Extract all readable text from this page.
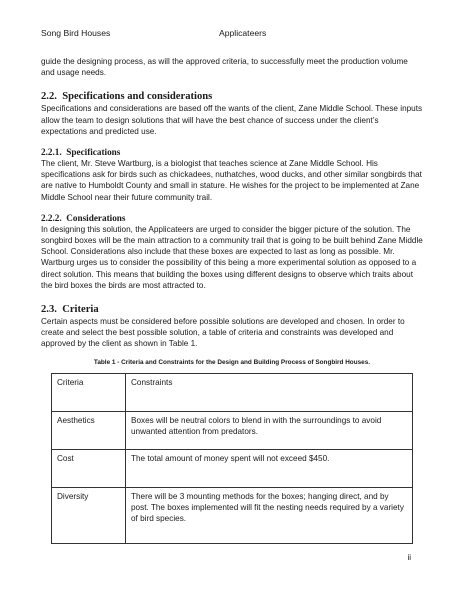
Song Bird Houses	Applicateers

guide the designing process, as will the approved criteria, to successfully meet the production volume and usage needs.

2.2.  Specifications and considerations

Specifications and considerations are based off the wants of the client, Zane Middle School. These inputs allow the team to design solutions that will have the best chance of success under the client’s expectations and predicted use.

2.2.1.  Specifications

The client, Mr. Steve Wartburg, is a biologist that teaches science at Zane Middle School. His specifications ask for birds such as chickadees, nuthatches, wood ducks, and other similar songbirds that are native to Humboldt County and small in stature. He wishes for the project to be implemented at Zane Middle School near their future community trail.

2.2.2.  Considerations

In designing this solution, the Applicateers are urged to consider the bigger picture of the solution. The songbird boxes will be the main attraction to a community trail that is going to be built behind Zane Middle School. Considerations also include that these boxes are expected to last as long as possible. Mr. Wartburg urges us to consider the possibility of this being a more experimental solution as opposed to a direct solution. This means that building the boxes using different designs to observe which traits about the bird boxes the birds are most attracted to.

2.3.  Criteria

Certain aspects must be considered before possible solutions are developed and chosen. In order to create and select the best possible solution, a table of criteria and constraints was developed and approved by the client as shown in Table 1.

Table 1 - Criteria and Constraints for the Design and Building Process of Songbird Houses.
Criteria	Constraints
Aesthetics	Boxes will be neutral colors to blend in with the surroundings to avoid unwanted attention from predators.
Cost	The total amount of money spent will not exceed $450.
Diversity	There will be 3 mounting methods for the boxes; hanging direct, and by post. The boxes implemented will fit the nesting needs required by a variety of bird species.
ii
